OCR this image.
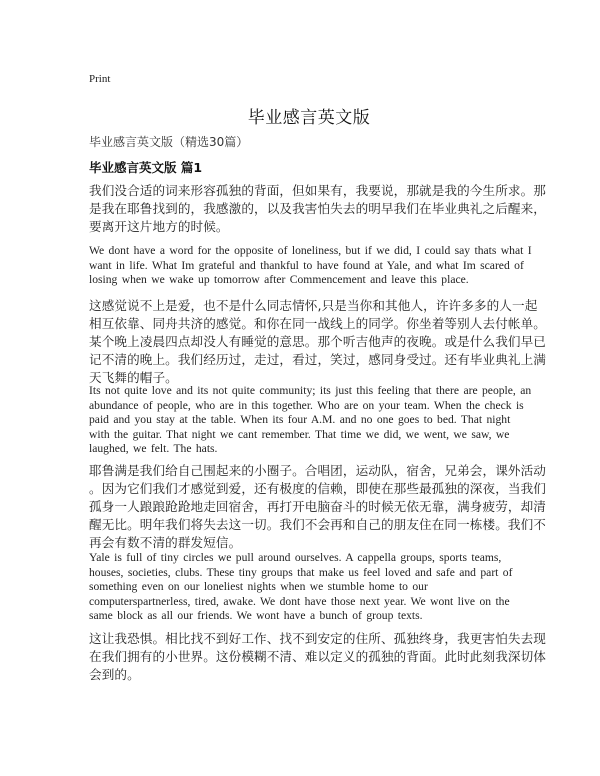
Print
毕业感言英文版
毕业感言英文版（精选30篇）
毕业感言英文版 篇1

我们没合适的词来形容孤独的背面，但如果有，我要说，那就是我的今生所求。那
是我在耶鲁找到的，我感激的，以及我害怕失去的明早我们在毕业典礼之后醒来，
要离开这片地方的时候。

We dont have a word for the opposite of loneliness, but if we did, I could say thats what I
want in life. What Im grateful and thankful to have found at Yale, and what Im scared of
losing when we wake up tomorrow after Commencement and leave this place.

这感觉说不上是爱，也不是什么同志情怀,只是当你和其他人，许许多多的人一起
相互依靠、同舟共济的感觉。和你在同一战线上的同学。你坐着等别人去付帐单。
某个晚上凌晨四点却没人有睡觉的意思。那个听吉他声的夜晚。或是什么我们早已
记不清的晚上。我们经历过，走过，看过，笑过，感同身受过。还有毕业典礼上满
天飞舞的帽子。

Its not quite love and its not quite community; its just this feeling that there are people, an
abundance of people, who are in this together. Who are on your team. When the check is
paid and you stay at the table. When its four A.M. and no one goes to bed. That night
with the guitar. That night we cant remember. That time we did, we went, we saw, we
laughed, we felt. The hats.

耶鲁满是我们给自己围起来的小圈子。合唱团，运动队，宿舍，兄弟会，课外活动
。因为它们我们才感觉到爱，还有极度的信赖，即使在那些最孤独的深夜，当我们
孤身一人踉踉跄跄地走回宿舍，再打开电脑奋斗的时候无依无靠，满身疲劳，却清
醒无比。明年我们将失去这一切。我们不会再和自己的朋友住在同一栋楼。我们不
再会有数不清的群发短信。

Yale is full of tiny circles we pull around ourselves. A cappella groups, sports teams,
houses, societies, clubs. These tiny groups that make us feel loved and safe and part of
something even on our loneliest nights when we stumble home to our
computerspartnerless, tired, awake. We dont have those next year. We wont live on the
same block as all our friends. We wont have a bunch of group texts.

这让我恐惧。相比找不到好工作、找不到安定的住所、孤独终身，我更害怕失去现
在我们拥有的小世界。这份模糊不清、难以定义的孤独的背面。此时此刻我深切体
会到的。
